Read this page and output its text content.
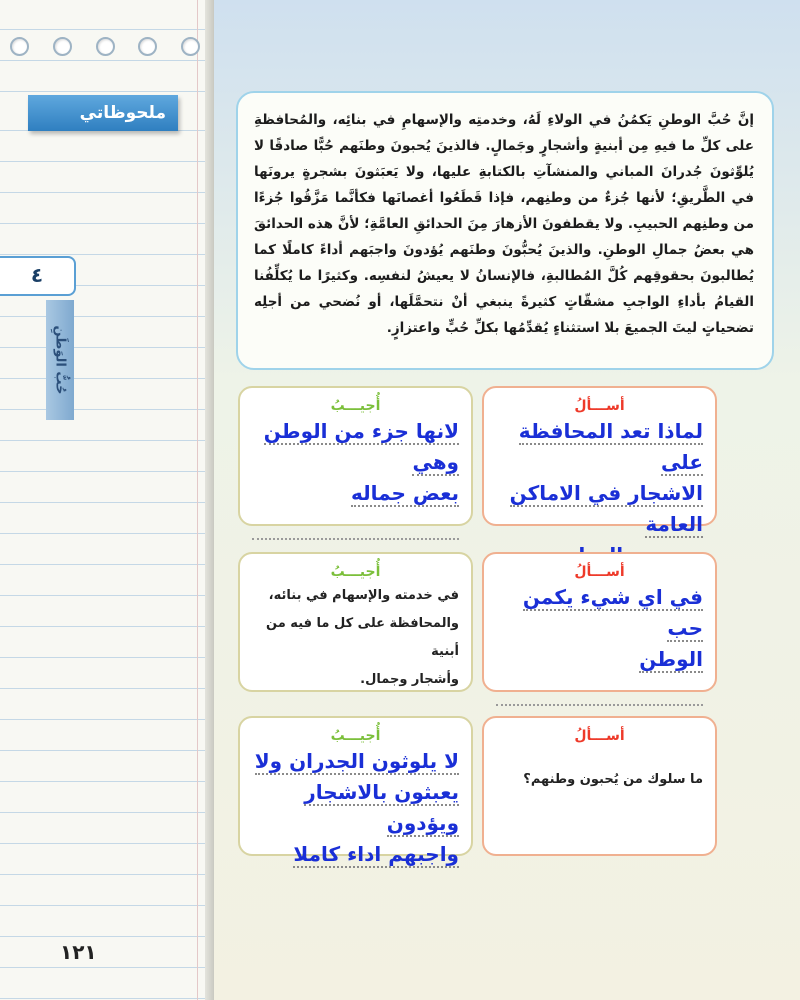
ملحوظاتي
٤
حُبُّ الوَطَنِ
١٢١

إنَّ حُبَّ الوطنِ يَكمُنُ في الولاءِ لَهُ، وخدمتِه والإسهامِ في بنائِه، والمُحافظةِ على كلِّ ما فيهِ مِن أبنيةٍ وأشجارٍ وجَمالٍ. فالذينَ يُحبونَ وطنَهم حُبًّا صادقًا لا يُلوِّثونَ جُدرانَ المباني والمنشآتِ بالكتابةِ عليها، ولا يَعبَثونَ بشجرةٍ يرونَها في الطَّريقِ؛ لأنها جُزءٌ من وطنِهم، فإذا قَطَعُوا أغصانَها فكأنَّما مَزَّقُوا جُزءًا من وطنِهم الحبيبِ. ولا يقطفونَ الأزهارَ مِنَ الحدائقِ العامَّةِ؛ لأنَّ هذه الحدائقَ هي بعضُ جمالِ الوطنِ. والذينَ يُحبُّونَ وطنَهم يُؤدونَ واجبَهم أداءً كاملًا كما يُطالبونَ بحقوقِهم كُلَّ المُطالبةِ، فالإنسانُ لا يعيشُ لنفسِه. وكثيرًا ما يُكلِّفُنا القيامُ بأداءِ الواجبِ مشقّاتٍ كثيرةً ينبغي أنْ نتحمَّلَها، أو نُضحي من أجلِه تضحياتٍ ليتَ الجميعَ بلا استثناءٍ يُقدِّمُها بكلِّ حُبٍّ واعتزازٍ.

أســـألُ
لماذا تعد المحافظة على
الاشجار في الاماكن العامة
أُجيـــبُ
لانها جزء من الوطن وهي
بعض جماله
أســـألُ
في اي شيء يكمن حب
الوطن
أُجيـــبُ
في خدمته والإسهام في بنائه،
والمحافظة على كل ما فيه من أبنية
وأشجار وجمال.
أســـألُ
ما سلوك من يُحبون وطنهم؟
أُجيـــبُ
لا يلوثون الجدران ولا
يعبثون بالاشجار ويؤدون
واجبهم اداء كاملا
